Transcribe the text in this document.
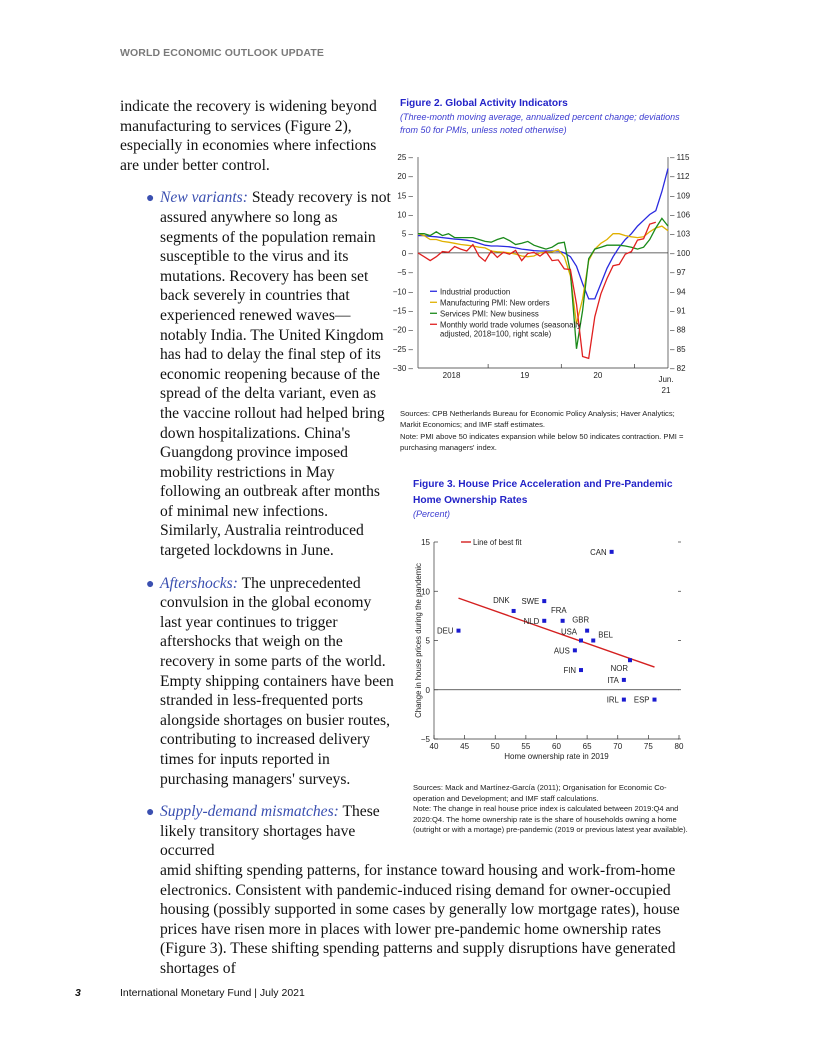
WORLD ECONOMIC OUTLOOK UPDATE
indicate the recovery is widening beyond manufacturing to services (Figure 2), especially in economies where infections are under better control.
● New variants: Steady recovery is not assured anywhere so long as segments of the population remain susceptible to the virus and its mutations. Recovery has been set back severely in countries that experienced renewed waves—notably India. The United Kingdom has had to delay the final step of its economic reopening because of the spread of the delta variant, even as the vaccine rollout had helped bring down hospitalizations. China's Guangdong province imposed mobility restrictions in May following an outbreak after months of minimal new infections. Similarly, Australia reintroduced targeted lockdowns in June.
● Aftershocks: The unprecedented convulsion in the global economy last year continues to trigger aftershocks that weigh on the recovery in some parts of the world. Empty shipping containers have been stranded in less-frequented ports alongside shortages on busier routes, contributing to increased delivery times for inputs reported in purchasing managers' surveys.
● Supply-demand mismatches: These likely transitory shortages have occurred
amid shifting spending patterns, for instance toward housing and work-from-home electronics. Consistent with pandemic-induced rising demand for owner-occupied housing (possibly supported in some cases by generally low mortgage rates), house prices have risen more in places with lower pre-pandemic home ownership rates (Figure 3). These shifting spending patterns and supply disruptions have generated shortages of
Figure 2. Global Activity Indicators
(Three-month moving average, annualized percent change; deviations from 50 for PMIs, unless noted otherwise)
25 –
20 –
15 –
10 –
5 –
0 –
−5 –
−10 –
−15 –
−20 –
−25 –
−30 –
– 115
– 112
– 109
– 106
– 103
– 100
– 97
– 94
– 91
– 88
– 85
– 82
2018	19	20	Jun.
21
Industrial production
Manufacturing PMI: New orders
Services PMI: New business
Monthly world trade volumes (seasonally
adjusted, 2018=100, right scale)
Sources: CPB Netherlands Bureau for Economic Policy Analysis; Haver Analytics; Markit Economics; and IMF staff estimates.
Note: PMI above 50 indicates expansion while below 50 indicates contraction. PMI = purchasing managers' index.
Figure 3. House Price Acceleration and Pre-Pandemic Home Ownership Rates
(Percent)
15
10
5
0
−5
40	45	50	55	60	65	70	75	80
Home ownership rate in 2019
Change in house prices during the pandemic
Line of best fit
DEU
DNK SWE
NLD
FRA
GBR
USA	BEL
AUS
FIN	NOR
ITA
IRL ESP
CAN
Sources: Mack and Martínez-García (2011); Organisation for Economic Co-operation and Development; and IMF staff calculations.
Note: The change in real house price index is calculated between 2019:Q4 and 2020:Q4. The home ownership rate is the share of households owning a home (outright or with a mortage) pre-pandemic (2019 or previous latest year available).
3	International Monetary Fund | July 2021
